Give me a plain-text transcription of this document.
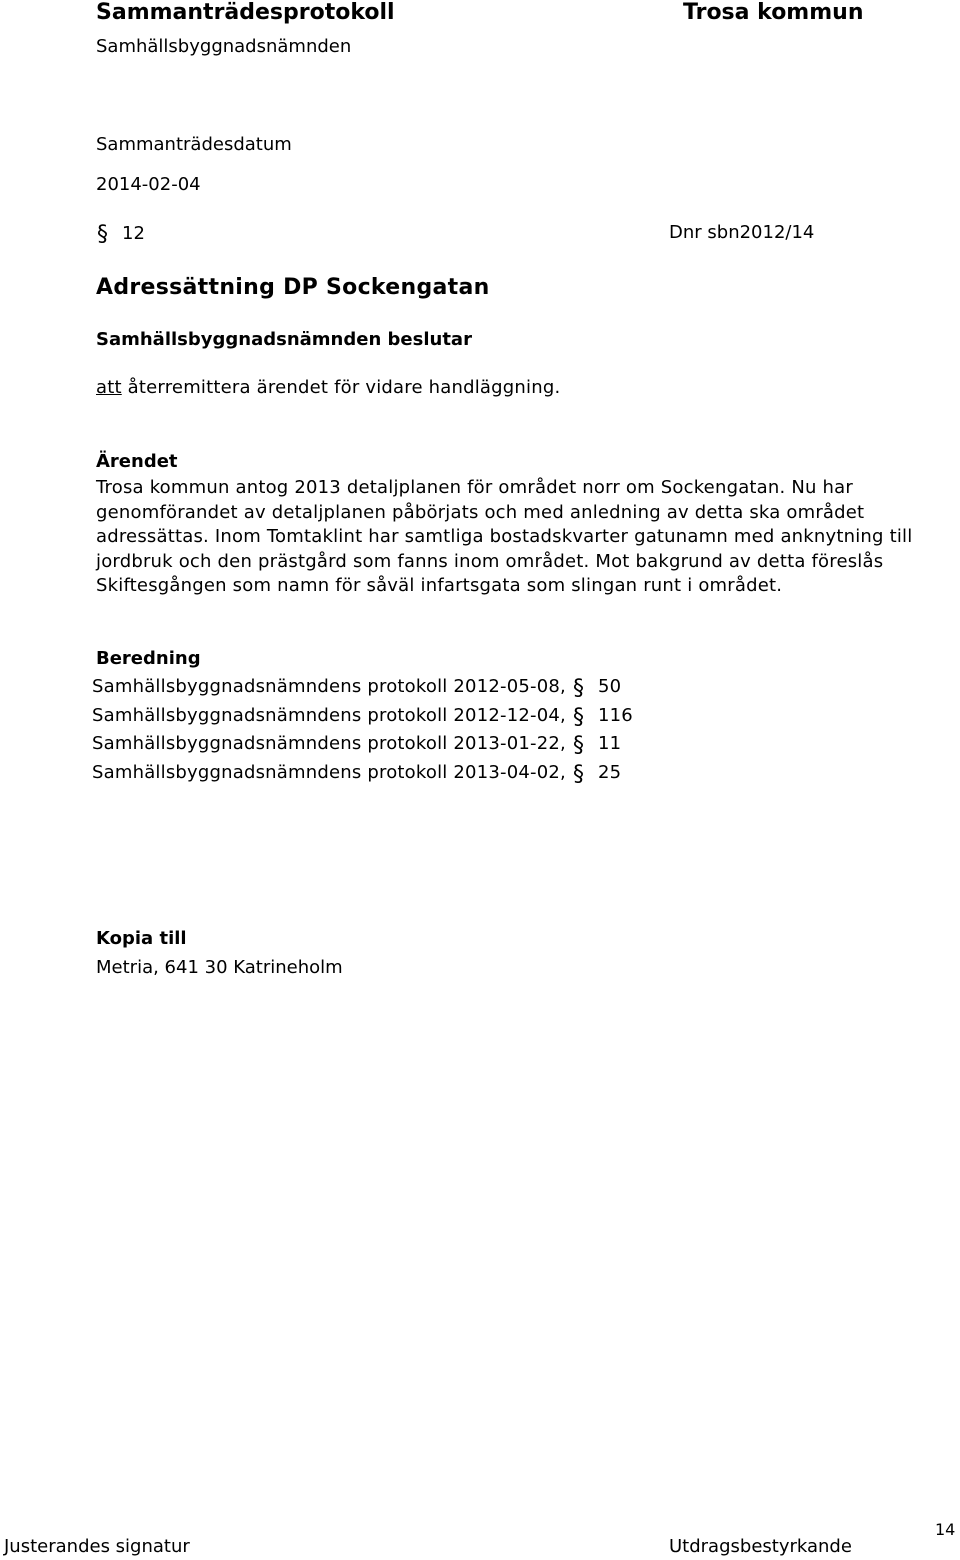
Sammanträdesprotokoll	Trosa kommun
Samhällsbyggnadsnämnden
Sammanträdesdatum
2014-02-04
§ 12	Dnr sbn2012/14
Adressättning DP Sockengatan
Samhällsbyggnadsnämnden beslutar
att återremittera ärendet för vidare handläggning.
Ärendet
Trosa kommun antog 2013 detaljplanen för området norr om Sockengatan. Nu har genomförandet av detaljplanen påbörjats och med anledning av detta ska området adressättas. Inom Tomtaklint har samtliga bostadskvarter gatunamn med anknytning till jordbruk och den prästgård som fanns inom området. Mot bakgrund av detta föreslås Skiftesgången som namn för såväl infartsgata som slingan runt i området.
Beredning
Samhällsbyggnadsnämndens protokoll 2012-05-08, § 50
Samhällsbyggnadsnämndens protokoll 2012-12-04, § 116
Samhällsbyggnadsnämndens protokoll 2013-01-22, § 11
Samhällsbyggnadsnämndens protokoll 2013-04-02, § 25
Kopia till
Metria, 641 30 Katrineholm
Justerandes signatur	Utdragsbestyrkande
14
